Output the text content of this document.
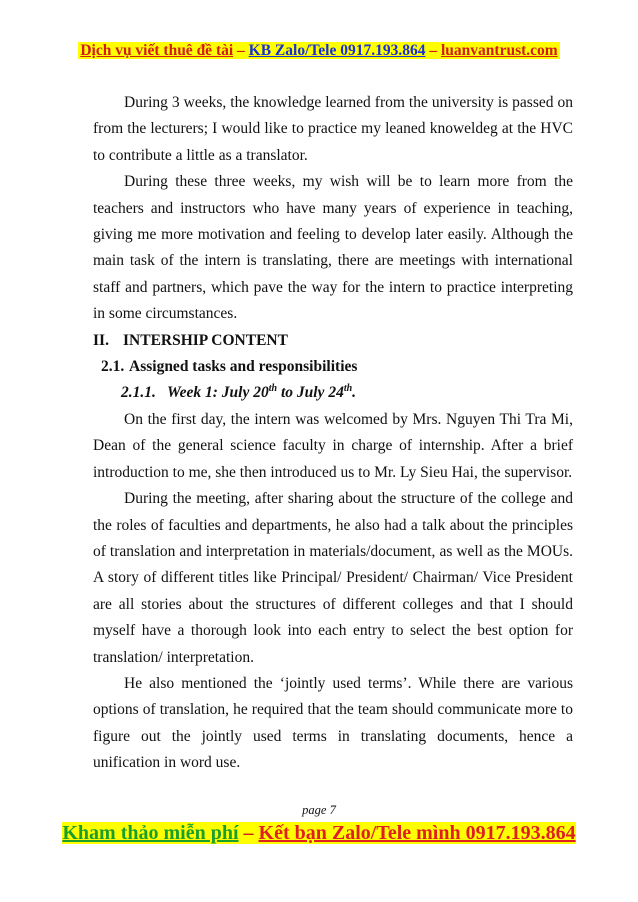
Dịch vụ viết thuê đề tài – KB Zalo/Tele 0917.193.864 – luanvantrust.com

During 3 weeks, the knowledge learned from the university is passed on from the lecturers; I would like to practice my leaned knoweldeg at the HVC to contribute a little as a translator.

During these three weeks, my wish will be to learn more from the teachers and instructors who have many years of experience in teaching, giving me more motivation and feeling to develop later easily. Although the main task of the intern is translating, there are meetings with international staff and partners, which pave the way for the intern to practice interpreting in some circumstances.

II. INTERSHIP CONTENT

2.1. Assigned tasks and responsibilities

2.1.1. Week 1: July 20th to July 24th.

On the first day, the intern was welcomed by Mrs. Nguyen Thi Tra Mi, Dean of the general science faculty in charge of internship. After a brief introduction to me, she then introduced us to Mr. Ly Sieu Hai, the supervisor.

During the meeting, after sharing about the structure of the college and the roles of faculties and departments, he also had a talk about the principles of translation and interpretation in materials/document, as well as the MOUs. A story of different titles like Principal/ President/ Chairman/ Vice President are all stories about the structures of different colleges and that I should myself have a thorough look into each entry to select the best option for translation/ interpretation.

He also mentioned the ‘jointly used terms’. While there are various options of translation, he required that the team should communicate more to figure out the jointly used terms in translating documents, hence a unification in word use.

page 7
Kham thảo miễn phí – Kết bạn Zalo/Tele mình 0917.193.864
